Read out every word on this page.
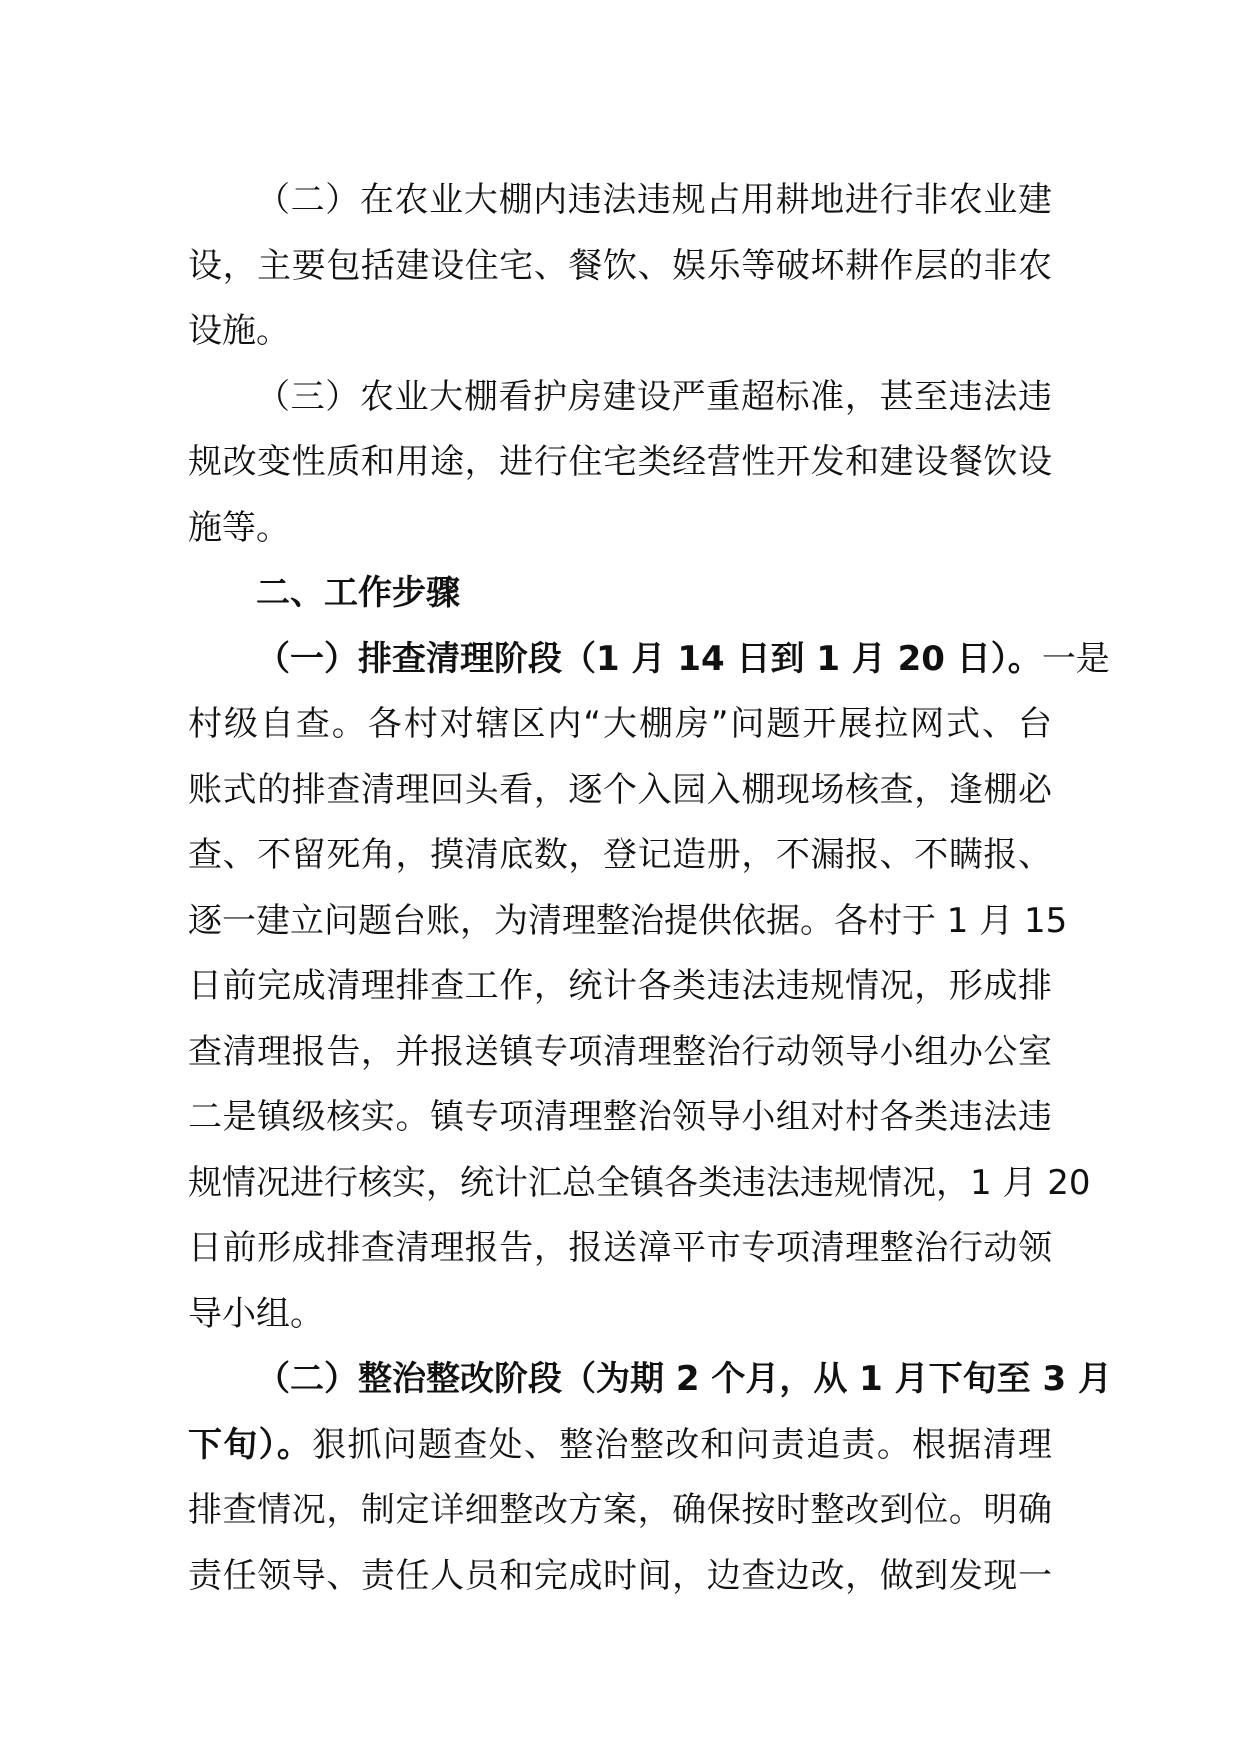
（二）在农业大棚内违法违规占用耕地进行非农业建
设，主要包括建设住宅、餐饮、娱乐等破坏耕作层的非农
设施。
（三）农业大棚看护房建设严重超标准，甚至违法违
规改变性质和用途，进行住宅类经营性开发和建设餐饮设
施等。
二、工作步骤
（一）排查清理阶段（1 月 14 日到 1 月 20 日）。一是
村级自查。各村对辖区内“大棚房”问题开展拉网式、台
账式的排查清理回头看，逐个入园入棚现场核查，逢棚必
查、不留死角，摸清底数，登记造册，不漏报、不瞒报、
逐一建立问题台账，为清理整治提供依据。各村于 1 月 15
日前完成清理排查工作，统计各类违法违规情况，形成排
查清理报告，并报送镇专项清理整治行动领导小组办公室
二是镇级核实。镇专项清理整治领导小组对村各类违法违
规情况进行核实，统计汇总全镇各类违法违规情况，1 月 20
日前形成排查清理报告，报送漳平市专项清理整治行动领
导小组。
（二）整治整改阶段（为期 2 个月，从 1 月下旬至 3 月
下旬）。狠抓问题查处、整治整改和问责追责。根据清理
排查情况，制定详细整改方案，确保按时整改到位。明确
责任领导、责任人员和完成时间，边查边改，做到发现一
